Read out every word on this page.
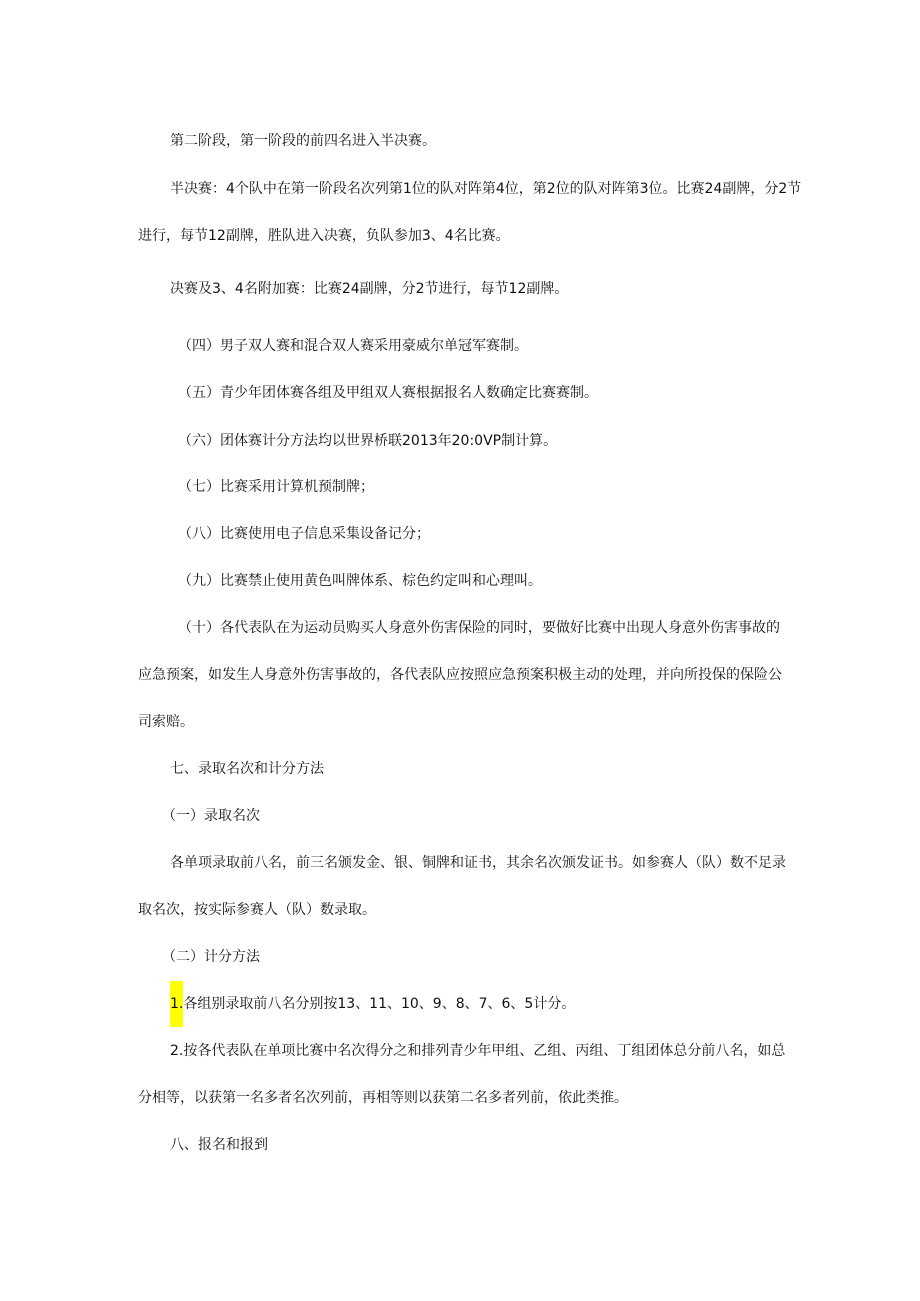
第二阶段，第一阶段的前四名进入半决赛。

半决赛：4个队中在第一阶段名次列第1位的队对阵第4位，第2位的队对阵第3位。比赛24副牌，分2节

进行，每节12副牌，胜队进入决赛，负队参加3、4名比赛。

决赛及3、4名附加赛：比赛24副牌，分2节进行，每节12副牌。

（四）男子双人赛和混合双人赛采用豪威尔单冠军赛制。

（五）青少年团体赛各组及甲组双人赛根据报名人数确定比赛赛制。

（六）团体赛计分方法均以世界桥联2013年20:0VP制计算。

（七）比赛采用计算机预制牌；

（八）比赛使用电子信息采集设备记分；

（九）比赛禁止使用黄色叫牌体系、棕色约定叫和心理叫。

（十）各代表队在为运动员购买人身意外伤害保险的同时，要做好比赛中出现人身意外伤害事故的

应急预案，如发生人身意外伤害事故的，各代表队应按照应急预案积极主动的处理，并向所投保的保险公

司索赔。

七、录取名次和计分方法

（一）录取名次

各单项录取前八名，前三名颁发金、银、铜牌和证书，其余名次颁发证书。如参赛人（队）数不足录

取名次，按实际参赛人（队）数录取。

（二）计分方法

1.各组别录取前八名分别按13、11、10、9、8、7、6、5计分。

2.按各代表队在单项比赛中名次得分之和排列青少年甲组、乙组、丙组、丁组团体总分前八名，如总

分相等，以获第一名多者名次列前，再相等则以获第二名多者列前，依此类推。

八、报名和报到
